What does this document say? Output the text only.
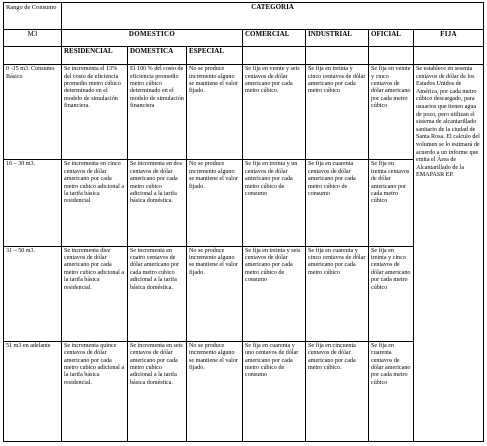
Rango de Consumo	CATEGORIA						
M3	DOMESTICO			COMERCIAL	INDUSTRIAL	OFICIAL	FIJA
	RESIDENCIAL	DOMESTICA	ESPECIAL				
0 -15 m3. Consumo Básico	Se incrementa el 13% del costo de eficiencia promedio metro cúbico determinado en el modelo de simulación financiera.	El 100 % del costo de eficiencia promedio metro cúbico determinado en el modelo de simulación financiera	No se produce incremento alguno se mantiene el valor fijado.	Se fija en veinte y seis centavos de dólar americano por cada metro cúbico.	Se fija en treinta y cinco centavos de dólar americano por cada metro cúbico	Se fija en veinte y cinco centavos de dólar americano por cada metro cúbico	Se establece en sesenta centavos de dólar de los Estados Unidos de América, por cada metro cúbico descargado, para usuarios que tienen agua de pozo, pero utilizan el sistema de alcantarillado sanitario de la ciudad de Santa Rosa. El calculo del volumen se lo estimará de acuerdo a un informe que emita el Área de Alcantarillado de la EMAPASR EP.
16 – 30 m3.	Se incrementa en cinco centavos de dólar americano por cada metro cubico adicional a la tarifa básica residencial	Se incrementa en dos centavos de dólar americano por cada metro cubico adicional a la tarifa básica doméstica.	No se produce incremento alguno se mantiene el valor fijado.	Se fija en treinta y un centavos de dólar americano por cada metro cúbico de consumo	Se fija en cuarenta centavos de dólar americano por cada metro cúbico de consumo	Se fija en treinta centavos de dólar americano por cada metro cúbico	
31 – 50 m3.	Se incrementa diez centavos de dólar americano por cada metro cubico adicional a la tarifa básica residencial.	Se incrementa en cuatro centavos de dólar americano por cada metro cubico adicional a la tarifa básica doméstica.	No se produce incremento alguno se mantiene el valor fijado.	Se fija en treinta y seis centavos de dólar americano por cada metro cúbico de consumo	Se fija en cuarenta y cinco centavos de dólar americano por cada metro cúbico	Se fija en treinta y cinco centavos de dólar americano por cada metro cúbico	
51 m3 en adelante	Se incrementa quince centavos de dólar americano por cada metro cubico adicional a la tarifa básica residencial.	Se incrementa en seis centavos de dólar americano por cada metro cubico adicional a la tarifa básica doméstica.	No se produce incremento alguno se mantiene el valor fijado.	Se fija en cuarenta y uno centavos de dólar americano por cada metro cúbico de consumo	Se fija en cincuenta centavos de dólar americano por cada metro cúbico.	Se fija en cuarenta centavos de dólar americano por cada metro cúbico	
